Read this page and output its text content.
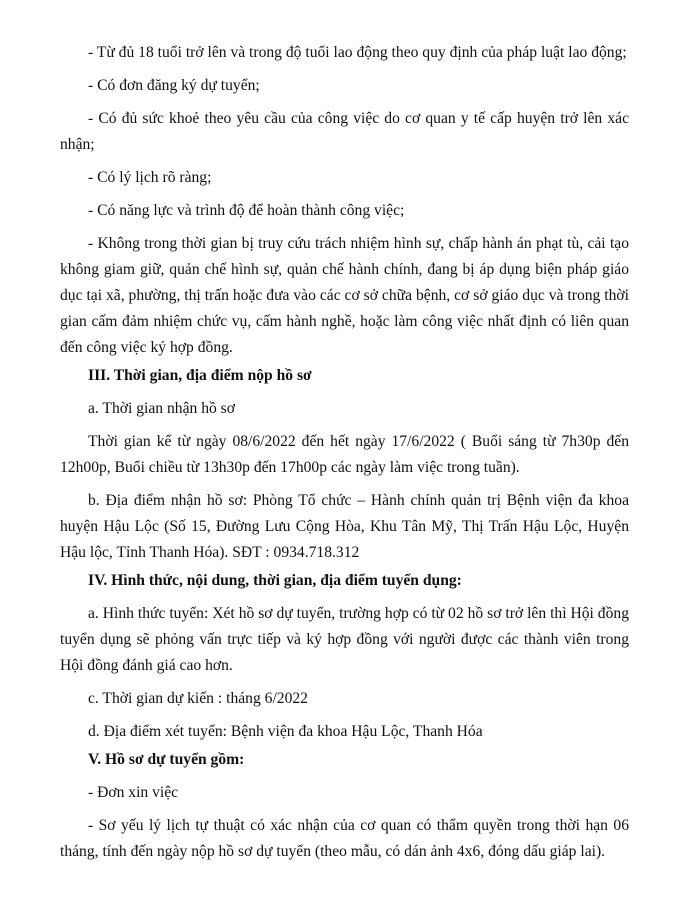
- Từ đủ 18 tuổi trở lên và trong độ tuổi lao động theo quy định của pháp luật lao động;

- Có đơn đăng ký dự tuyển;

- Có đủ sức khoẻ theo yêu cầu của công việc do cơ quan y tế cấp huyện trở lên xác nhận;

- Có lý lịch rõ ràng;

- Có năng lực và trình độ để hoàn thành công việc;

- Không trong thời gian bị truy cứu trách nhiệm hình sự, chấp hành án phạt tù, cải tạo không giam giữ, quản chế hình sự, quản chế hành chính, đang bị áp dụng biện pháp giáo dục tại xã, phường, thị trấn hoặc đưa vào các cơ sở chữa bệnh, cơ sở giáo dục và trong thời gian cấm đảm nhiệm chức vụ, cấm hành nghề, hoặc làm công việc nhất định có liên quan đến công việc ký hợp đồng.

III. Thời gian, địa điểm nộp hồ sơ

a. Thời gian nhận hồ sơ

Thời gian kể từ ngày 08/6/2022 đến hết ngày 17/6/2022 ( Buổi sáng từ 7h30p đến 12h00p, Buổi chiều từ 13h30p đến 17h00p các ngày làm việc trong tuần).

b. Địa điểm nhận hồ sơ: Phòng Tổ chức – Hành chính quản trị Bệnh viện đa khoa huyện Hậu Lộc (Số 15, Đường Lưu Cộng Hòa, Khu Tân Mỹ, Thị Trấn Hậu Lộc, Huyện Hậu lộc, Tỉnh Thanh Hóa). SĐT : 0934.718.312

IV. Hình thức, nội dung, thời gian, địa điểm tuyển dụng:

a. Hình thức tuyển: Xét hồ sơ dự tuyển, trường hợp có từ 02 hồ sơ trở lên thì Hội đồng tuyển dụng sẽ phỏng vấn trực tiếp và ký hợp đồng với người được các thành viên trong Hội đồng đánh giá cao hơn.

c. Thời gian dự kiến : tháng 6/2022

d. Địa điểm xét tuyển: Bệnh viện đa khoa Hậu Lộc, Thanh Hóa

V. Hồ sơ dự tuyển gồm:

- Đơn xin việc

- Sơ yếu lý lịch tự thuật có xác nhận của cơ quan có thẩm quyền trong thời hạn 06 tháng, tính đến ngày nộp hồ sơ dự tuyển (theo mẫu, có dán ảnh 4x6, đóng dấu giáp lai).
